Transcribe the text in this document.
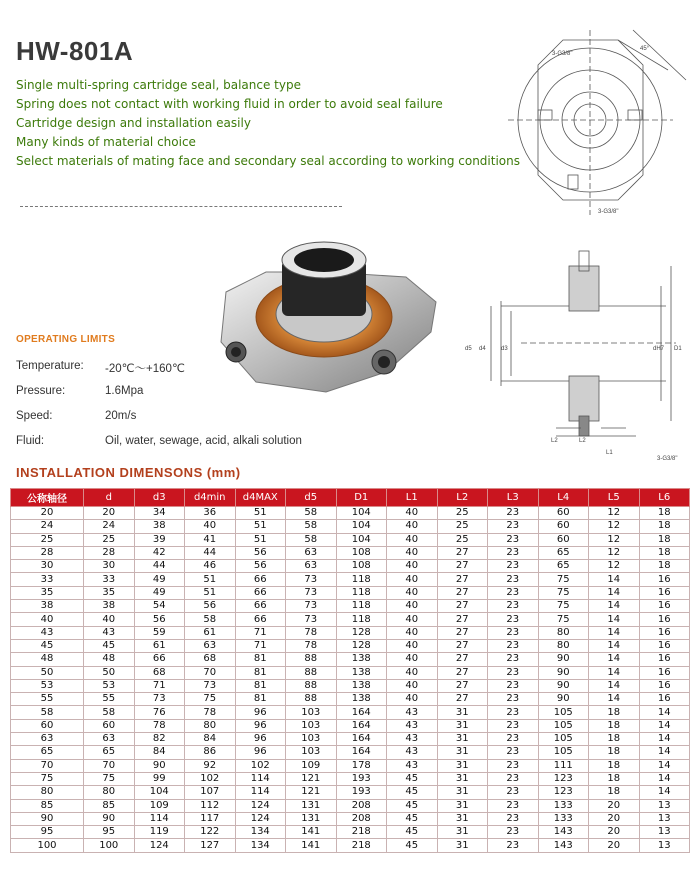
HW-801A
Single multi-spring cartridge seal, balance type
Spring does not contact with working fluid in order to avoid seal failure
Cartridge design and installation easily
Many kinds of material choice
Select materials of mating face and secondary seal according to working conditions
3-G3/8"
45°
3-G3/8"
d5 d4	d3	dH7 D1
L2	L2
L1
3-G3/8"
OPERATING LIMITS
Temperature: -20℃～+160℃
Pressure:	1.6Mpa
Speed:	20m/s
Fluid:	Oil, water, sewage, acid, alkali solution
INSTALLATION DIMENSONS (mm)
公称轴径	d	d3	d4min	d4MAX	d5	D1	L1	L2	L3	L4	L5	L6
20	20	34	36	51	58	104	40	25	23	60	12	18
24	24	38	40	51	58	104	40	25	23	60	12	18
25	25	39	41	51	58	104	40	25	23	60	12	18
28	28	42	44	56	63	108	40	27	23	65	12	18
30	30	44	46	56	63	108	40	27	23	65	12	18
33	33	49	51	66	73	118	40	27	23	75	14	16
35	35	49	51	66	73	118	40	27	23	75	14	16
38	38	54	56	66	73	118	40	27	23	75	14	16
40	40	56	58	66	73	118	40	27	23	75	14	16
43	43	59	61	71	78	128	40	27	23	80	14	16
45	45	61	63	71	78	128	40	27	23	80	14	16
48	48	66	68	81	88	138	40	27	23	90	14	16
50	50	68	70	81	88	138	40	27	23	90	14	16
53	53	71	73	81	88	138	40	27	23	90	14	16
55	55	73	75	81	88	138	40	27	23	90	14	16
58	58	76	78	96	103	164	43	31	23	105	18	14
60	60	78	80	96	103	164	43	31	23	105	18	14
63	63	82	84	96	103	164	43	31	23	105	18	14
65	65	84	86	96	103	164	43	31	23	105	18	14
70	70	90	92	102	109	178	43	31	23	111	18	14
75	75	99	102	114	121	193	45	31	23	123	18	14
80	80	104	107	114	121	193	45	31	23	123	18	14
85	85	109	112	124	131	208	45	31	23	133	20	13
90	90	114	117	124	131	208	45	31	23	133	20	13
95	95	119	122	134	141	218	45	31	23	143	20	13
100	100	124	127	134	141	218	45	31	23	143	20	13
